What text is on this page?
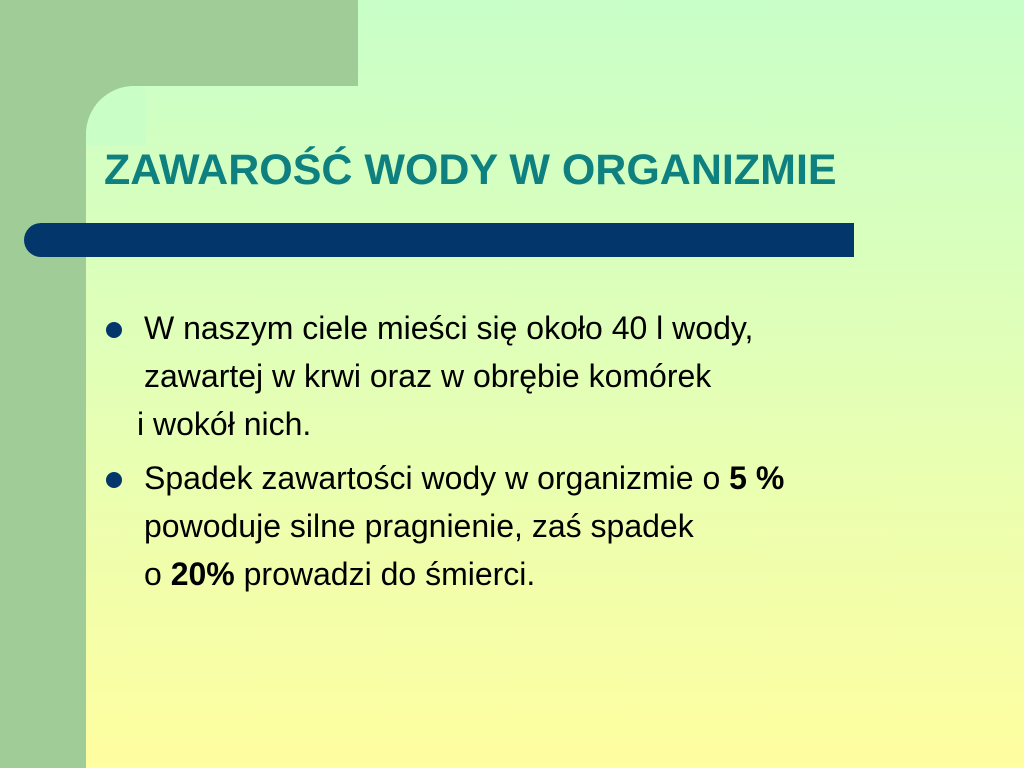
ZAWAROŚĆ WODY W ORGANIZMIE

W naszym ciele mieści się około 40 l wody,
zawartej w krwi oraz w obrębie komórek

i wokół nich.

Spadek zawartości wody w organizmie o 5 %
powoduje silne pragnienie, zaś spadek
o 20% prowadzi do śmierci.
